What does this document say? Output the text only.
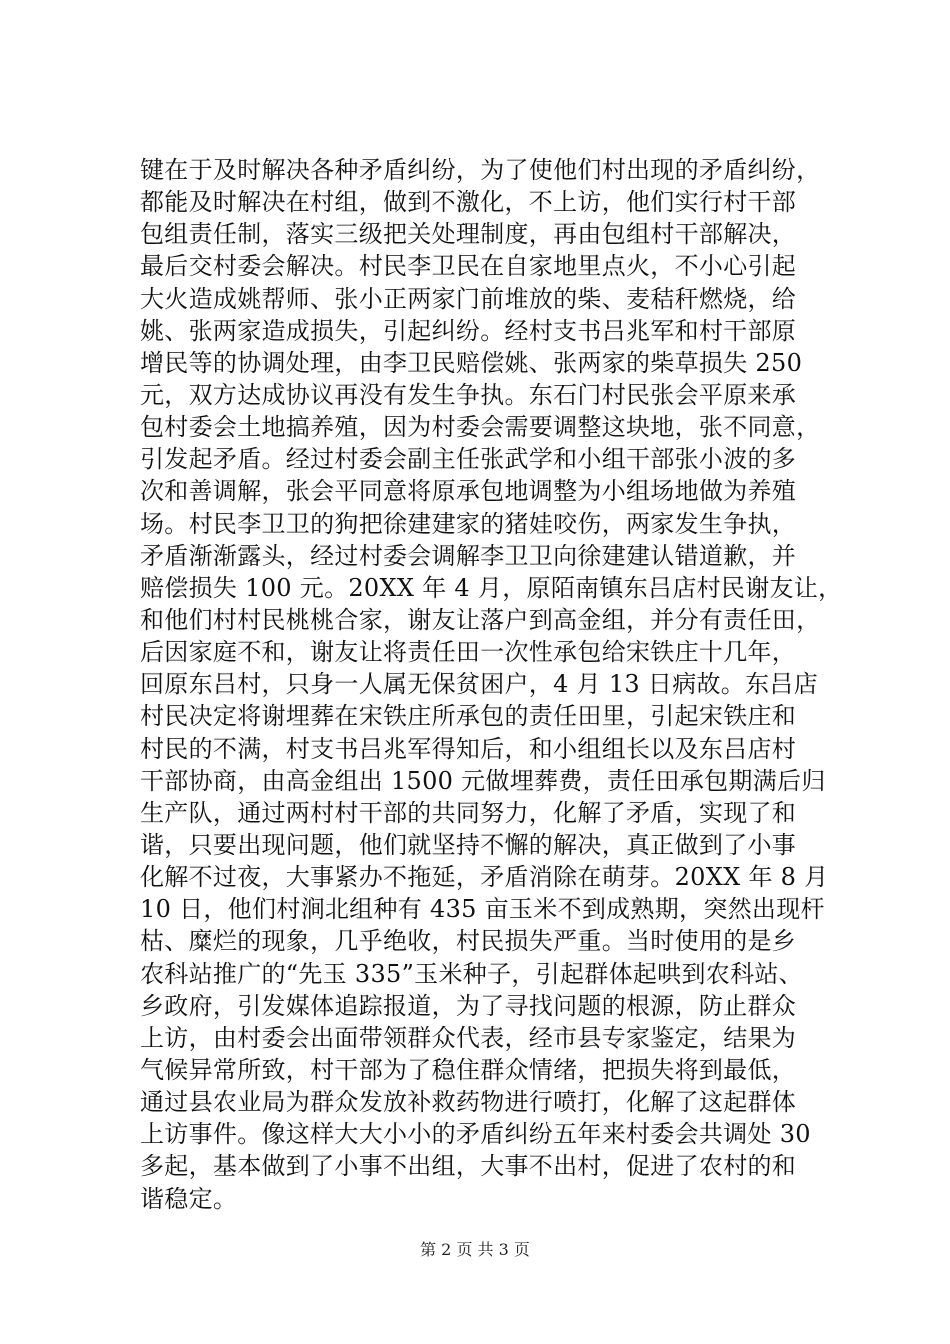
键在于及时解决各种矛盾纠纷，为了使他们村出现的矛盾纠纷，
都能及时解决在村组，做到不激化，不上访，他们实行村干部
包组责任制，落实三级把关处理制度，再由包组村干部解决，
最后交村委会解决。村民李卫民在自家地里点火，不小心引起
大火造成姚帮师、张小正两家门前堆放的柴、麦秸秆燃烧，给
姚、张两家造成损失，引起纠纷。经村支书吕兆军和村干部原
增民等的协调处理，由李卫民赔偿姚、张两家的柴草损失 250
元，双方达成协议再没有发生争执。东石门村民张会平原来承
包村委会土地搞养殖，因为村委会需要调整这块地，张不同意，
引发起矛盾。经过村委会副主任张武学和小组干部张小波的多
次和善调解，张会平同意将原承包地调整为小组场地做为养殖
场。村民李卫卫的狗把徐建建家的猪娃咬伤，两家发生争执，
矛盾渐渐露头，经过村委会调解李卫卫向徐建建认错道歉，并
赔偿损失 100 元。20XX 年 4 月，原陌南镇东吕店村民谢友让，
和他们村村民桃桃合家，谢友让落户到高金组，并分有责任田，
后因家庭不和，谢友让将责任田一次性承包给宋铁庄十几年，
回原东吕村，只身一人属无保贫困户，4 月 13 日病故。东吕店
村民决定将谢埋葬在宋铁庄所承包的责任田里，引起宋铁庄和
村民的不满，村支书吕兆军得知后，和小组组长以及东吕店村
干部协商，由高金组出 1500 元做埋葬费，责任田承包期满后归
生产队，通过两村村干部的共同努力，化解了矛盾，实现了和
谐，只要出现问题，他们就坚持不懈的解决，真正做到了小事
化解不过夜，大事紧办不拖延，矛盾消除在萌芽。20XX 年 8 月
10 日，他们村涧北组种有 435 亩玉米不到成熟期，突然出现杆
枯、糜烂的现象，几乎绝收，村民损失严重。当时使用的是乡
农科站推广的“先玉 335”玉米种子，引起群体起哄到农科站、
乡政府，引发媒体追踪报道，为了寻找问题的根源，防止群众
上访，由村委会出面带领群众代表，经市县专家鉴定，结果为
气候异常所致，村干部为了稳住群众情绪，把损失将到最低，
通过县农业局为群众发放补救药物进行喷打，化解了这起群体
上访事件。像这样大大小小的矛盾纠纷五年来村委会共调处 30
多起，基本做到了小事不出组，大事不出村，促进了农村的和
谐稳定。
第 2 页 共 3 页
